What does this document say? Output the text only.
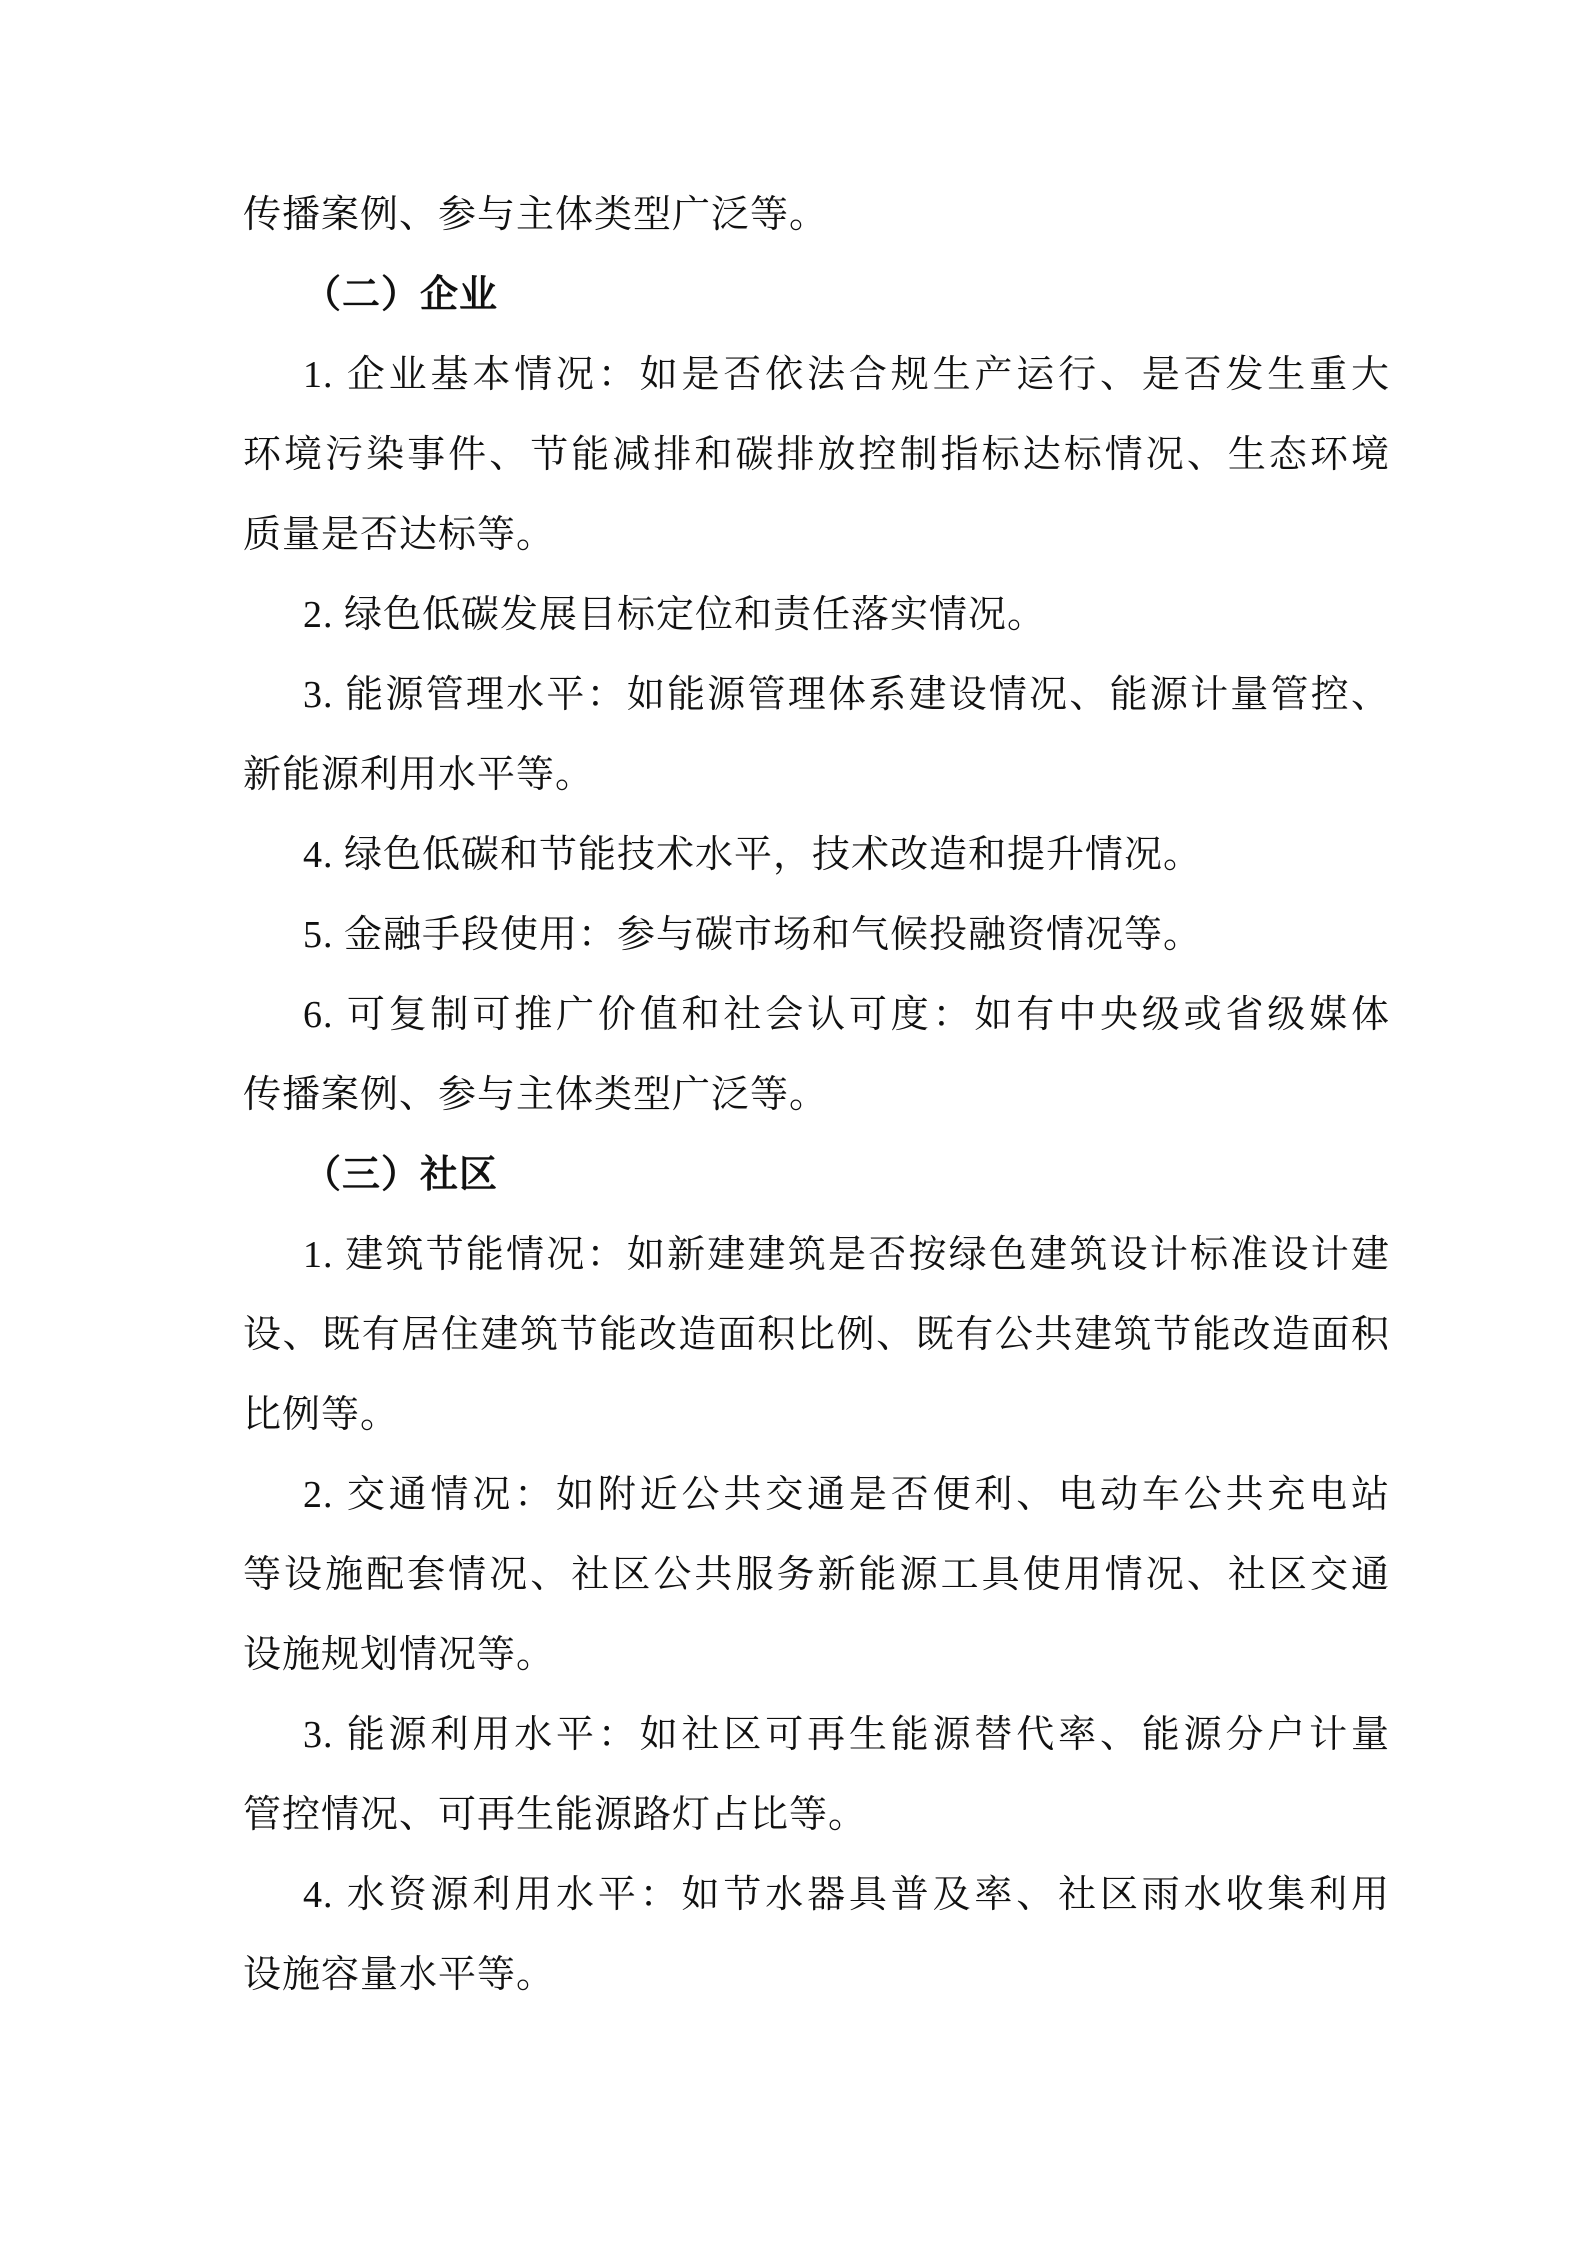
传播案例、参与主体类型广泛等。
（二）企业
1. 企业基本情况：如是否依法合规生产运行、是否发生重大
环境污染事件、节能减排和碳排放控制指标达标情况、生态环境
质量是否达标等。
2. 绿色低碳发展目标定位和责任落实情况。
3. 能源管理水平：如能源管理体系建设情况、能源计量管控、
新能源利用水平等。
4. 绿色低碳和节能技术水平，技术改造和提升情况。
5. 金融手段使用：参与碳市场和气候投融资情况等。
6. 可复制可推广价值和社会认可度：如有中央级或省级媒体
传播案例、参与主体类型广泛等。
（三）社区
1. 建筑节能情况：如新建建筑是否按绿色建筑设计标准设计建
设、既有居住建筑节能改造面积比例、既有公共建筑节能改造面积
比例等。
2. 交通情况：如附近公共交通是否便利、电动车公共充电站
等设施配套情况、社区公共服务新能源工具使用情况、社区交通
设施规划情况等。
3. 能源利用水平：如社区可再生能源替代率、能源分户计量
管控情况、可再生能源路灯占比等。
4. 水资源利用水平：如节水器具普及率、社区雨水收集利用
设施容量水平等。
